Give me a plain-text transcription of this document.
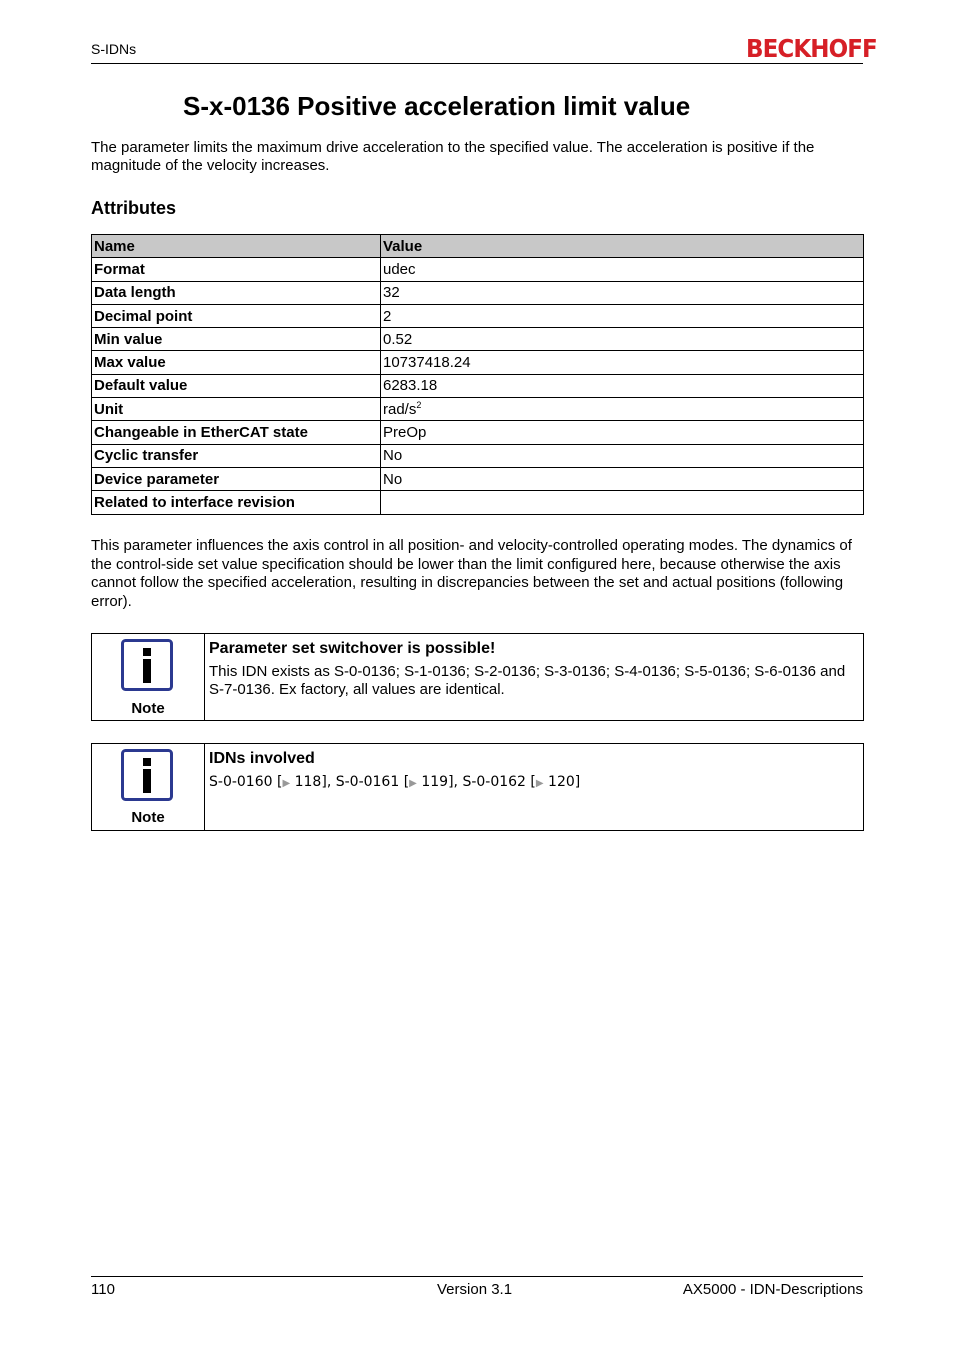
S-IDNs	BECKHOFF
S-x-0136 Positive acceleration limit value

The parameter limits the maximum drive acceleration to the specified value. The acceleration is positive if the magnitude of the velocity increases.

Attributes
Name	Value
Format	udec
Data length	32
Decimal point	2
Min value	0.52
Max value	10737418.24
Default value	6283.18
Unit	rad/$s^2$
Changeable in EtherCAT state	PreOp
Cyclic transfer	No
Device parameter	No
Related to interface revision	

This parameter influences the axis control in all position- and velocity-controlled operating modes. The dynamics of the control-side set value specification should be lower than the limit configured here, because otherwise the axis cannot follow the specified acceleration, resulting in discrepancies between the set and actual positions (following error).

Note

Parameter set switchover is possible!

This IDN exists as S-0-0136; S-1-0136; S-2-0136; S-3-0136; S-4-0136; S-5-0136; S-6-0136 and S-7-0136. Ex factory, all values are identical.

Note

IDNs involved

S-0-0160 [▶ 118], S-0-0161 [▶ 119], S-0-0162 [▶ 120]

110	Version 3.1	AX5000 - IDN-Descriptions
